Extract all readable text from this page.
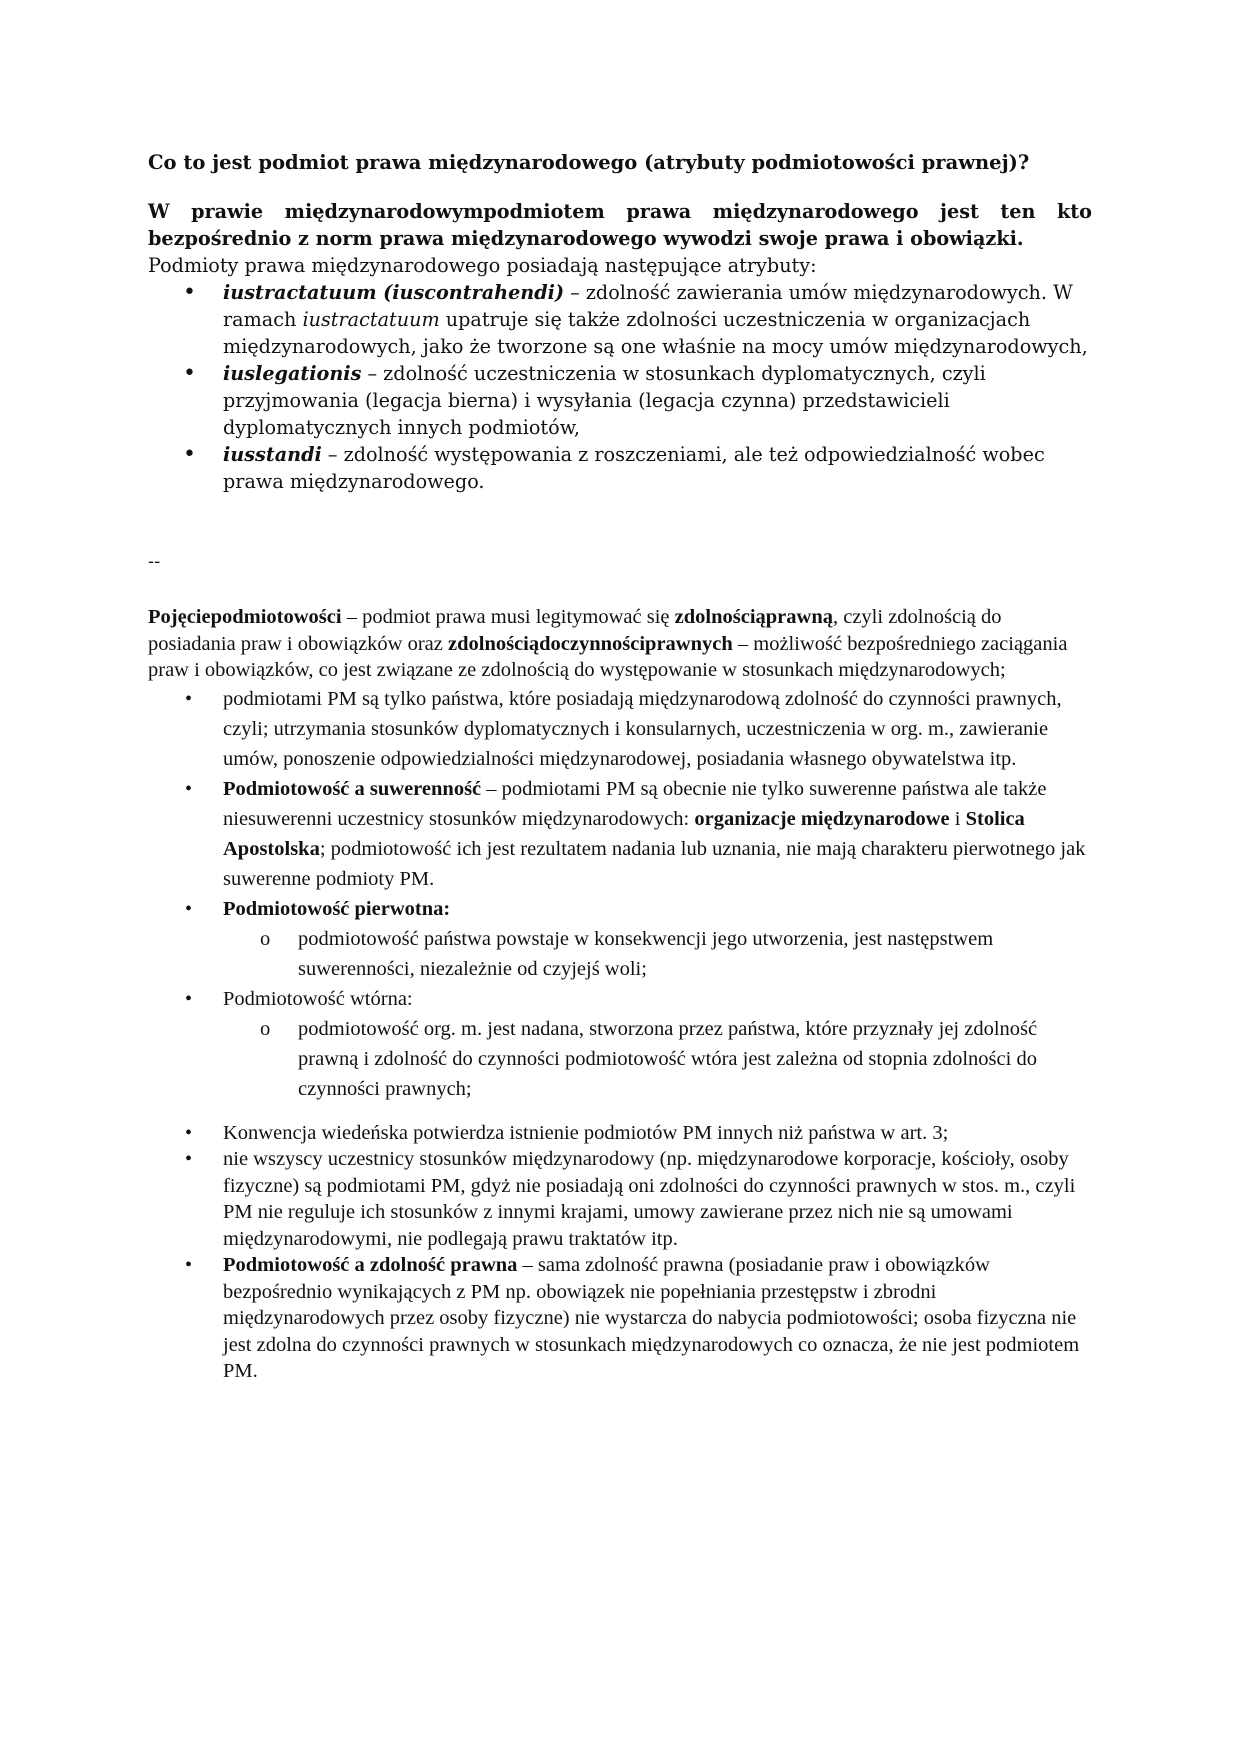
Co to jest podmiot prawa międzynarodowego (atrybuty podmiotowości prawnej)?

W prawie międzynarodowympodmiotem prawa międzynarodowego jest ten kto bezpośrednio z norm prawa międzynarodowego wywodzi swoje prawa i obowiązki.

Podmioty prawa międzynarodowego posiadają następujące atrybuty:

• iustractatuum (iuscontrahendi) – zdolność zawierania umów międzynarodowych. W ramach iustractatuum upatruje się także zdolności uczestniczenia w organizacjach międzynarodowych, jako że tworzone są one właśnie na mocy umów międzynarodowych,
• iuslegationis – zdolność uczestniczenia w stosunkach dyplomatycznych, czyli przyjmowania (legacja bierna) i wysyłania (legacja czynna) przedstawicieli dyplomatycznych innych podmiotów,
• iusstandi – zdolność występowania z roszczeniami, ale też odpowiedzialność wobec prawa międzynarodowego.
--

Pojęciepodmiotowości – podmiot prawa musi legitymować się zdolnościąprawną, czyli zdolnością do posiadania praw i obowiązków oraz zdolnościądoczynnościprawnych – możliwość bezpośredniego zaciągania praw i obowiązków, co jest związane ze zdolnością do występowanie w stosunkach międzynarodowych;

• podmiotami PM są tylko państwa, które posiadają międzynarodową zdolność do czynności prawnych, czyli; utrzymania stosunków dyplomatycznych i konsularnych, uczestniczenia w org. m., zawieranie umów, ponoszenie odpowiedzialności międzynarodowej, posiadania własnego obywatelstwa itp.
• Podmiotowość a suwerenność – podmiotami PM są obecnie nie tylko suwerenne państwa ale także niesuwerenni uczestnicy stosunków międzynarodowych: organizacje międzynarodowe i Stolica Apostolska; podmiotowość ich jest rezultatem nadania lub uznania, nie mają charakteru pierwotnego jak suwerenne podmioty PM.
• Podmiotowość pierwotna:
o podmiotowość państwa powstaje w konsekwencji jego utworzenia, jest następstwem suwerenności, niezależnie od czyjejś woli;
• Podmiotowość wtórna:
o podmiotowość org. m. jest nadana, stworzona przez państwa, które przyznały jej zdolność prawną i zdolność do czynności podmiotowość wtóra jest zależna od stopnia zdolności do czynności prawnych;
• Konwencja wiedeńska potwierdza istnienie podmiotów PM innych niż państwa w art. 3;
• nie wszyscy uczestnicy stosunków międzynarodowy (np. międzynarodowe korporacje, kościoły, osoby fizyczne) są podmiotami PM, gdyż nie posiadają oni zdolności do czynności prawnych w stos. m., czyli PM nie reguluje ich stosunków z innymi krajami, umowy zawierane przez nich nie są umowami międzynarodowymi, nie podlegają prawu traktatów itp.
• Podmiotowość a zdolność prawna – sama zdolność prawna (posiadanie praw i obowiązków bezpośrednio wynikających z PM np. obowiązek nie popełniania przestępstw i zbrodni międzynarodowych przez osoby fizyczne) nie wystarcza do nabycia podmiotowości; osoba fizyczna nie jest zdolna do czynności prawnych w stosunkach międzynarodowych co oznacza, że nie jest podmiotem PM.
